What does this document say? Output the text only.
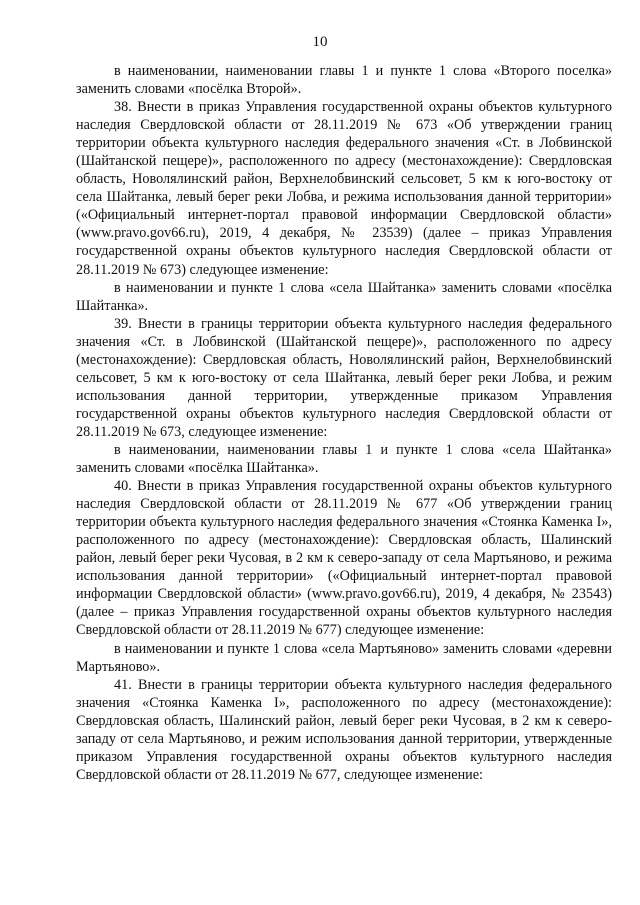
10

в наименовании, наименовании главы 1 и пункте 1 слова «Второго поселка» заменить словами «посёлка Второй».

38. Внести в приказ Управления государственной охраны объектов культурного наследия Свердловской области от 28.11.2019 № 673 «Об утверждении границ территории объекта культурного наследия федерального значения «Ст. в Лобвинской (Шайтанской пещере)», расположенного по адресу (местонахождение): Свердловская область, Новолялинский район, Верхнелобвинский сельсовет, 5 км к юго-востоку от села Шайтанка, левый берег реки Лобва, и режима использования данной территории» («Официальный интернет-портал правовой информации Свердловской области» (www.pravo.gov66.ru), 2019, 4 декабря, № 23539) (далее – приказ Управления государственной охраны объектов культурного наследия Свердловской области от 28.11.2019 № 673) следующее изменение:

в наименовании и пункте 1 слова «села Шайтанка» заменить словами «посёлка Шайтанка».

39. Внести в границы территории объекта культурного наследия федерального значения «Ст. в Лобвинской (Шайтанской пещере)», расположенного по адресу (местонахождение): Свердловская область, Новолялинский район, Верхнелобвинский сельсовет, 5 км к юго-востоку от села Шайтанка, левый берег реки Лобва, и режим использования данной территории, утвержденные приказом Управления государственной охраны объектов культурного наследия Свердловской области от 28.11.2019 № 673, следующее изменение:

в наименовании, наименовании главы 1 и пункте 1 слова «села Шайтанка» заменить словами «посёлка Шайтанка».

40. Внести в приказ Управления государственной охраны объектов культурного наследия Свердловской области от 28.11.2019 № 677 «Об утверждении границ территории объекта культурного наследия федерального значения «Стоянка Каменка I», расположенного по адресу (местонахождение): Свердловская область, Шалинский район, левый берег реки Чусовая, в 2 км к северо-западу от села Мартьяново, и режима использования данной территории» («Официальный интернет-портал правовой информации Свердловской области» (www.pravo.gov66.ru), 2019, 4 декабря, № 23543) (далее – приказ Управления государственной охраны объектов культурного наследия Свердловской области от 28.11.2019 № 677) следующее изменение:

в наименовании и пункте 1 слова «села Мартьяново» заменить словами «деревни Мартьяново».

41. Внести в границы территории объекта культурного наследия федерального значения «Стоянка Каменка I», расположенного по адресу (местонахождение): Свердловская область, Шалинский район, левый берег реки Чусовая, в 2 км к северо-западу от села Мартьяново, и режим использования данной территории, утвержденные приказом Управления государственной охраны объектов культурного наследия Свердловской области от 28.11.2019 № 677, следующее изменение:
